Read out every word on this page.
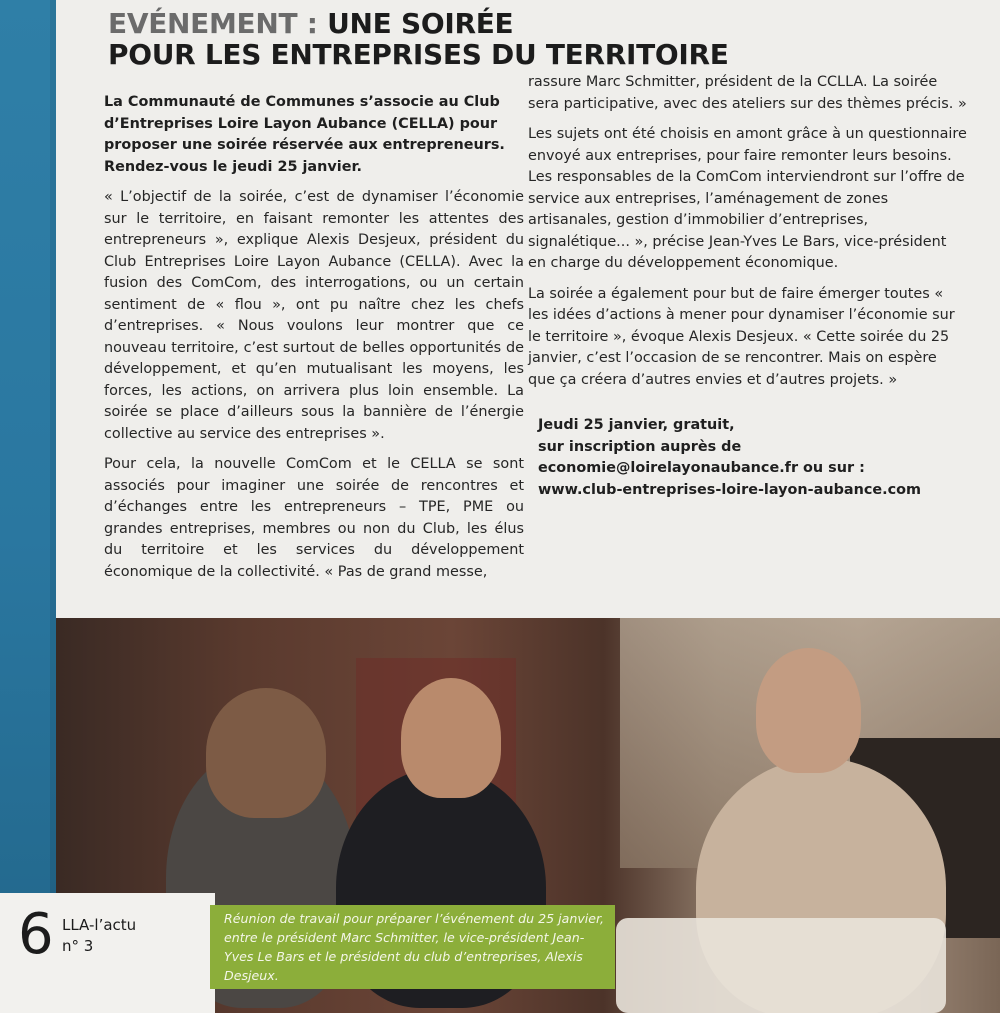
EVÉNEMENT : UNE SOIRÉE
POUR LES ENTREPRISES DU TERRITOIRE

La Communauté de Communes s’associe au Club d’Entreprises Loire Layon Aubance (CELLA) pour proposer une soirée réservée aux entrepreneurs. Rendez-vous le jeudi 25 janvier.

« L’objectif de la soirée, c’est de dynamiser l’économie sur le territoire, en faisant remonter les attentes des entrepreneurs », explique Alexis Desjeux, président du Club Entreprises Loire Layon Aubance (CELLA). Avec la fusion des ComCom, des interrogations, ou un certain sentiment de « flou », ont pu naître chez les chefs d’entreprises. « Nous voulons leur montrer que ce nouveau territoire, c’est surtout de belles opportunités de développement, et qu’en mutualisant les moyens, les forces, les actions, on arrivera plus loin ensemble. La soirée se place d’ailleurs sous la bannière de l’énergie collective au service des entreprises ».

Pour cela, la nouvelle ComCom et le CELLA se sont associés pour imaginer une soirée de rencontres et d’échanges entre les entrepreneurs – TPE, PME ou grandes entreprises, membres ou non du Club, les élus du territoire et les services du développement économique de la collectivité. « Pas de grand messe,

rassure Marc Schmitter, président de la CCLLA. La soirée sera participative, avec des ateliers sur des thèmes précis. »

Les sujets ont été choisis en amont grâce à un questionnaire envoyé aux entreprises, pour faire remonter leurs besoins. Les responsables de la ComCom interviendront sur l’offre de service aux entreprises, l’aménagement de zones artisanales, gestion d’immobilier d’entreprises, signalétique... », précise Jean-Yves Le Bars, vice-président en charge du développement économique.

La soirée a également pour but de faire émerger toutes « les idées d’actions à mener pour dynamiser l’économie sur le territoire », évoque Alexis Desjeux. « Cette soirée du 25 janvier, c’est l’occasion de se rencontrer. Mais on espère que ça créera d’autres envies et d’autres projets. »

Jeudi 25 janvier, gratuit,
sur inscription auprès de
economie@loirelayonaubance.fr ou sur :
www.club-entreprises-loire-layon-aubance.com

6 LLA-l’actu
n° 3
Réunion de travail pour préparer l’événement du 25 janvier, entre le président Marc Schmitter, le vice-président Jean-Yves Le Bars et le président du club d’entreprises, Alexis Desjeux.
